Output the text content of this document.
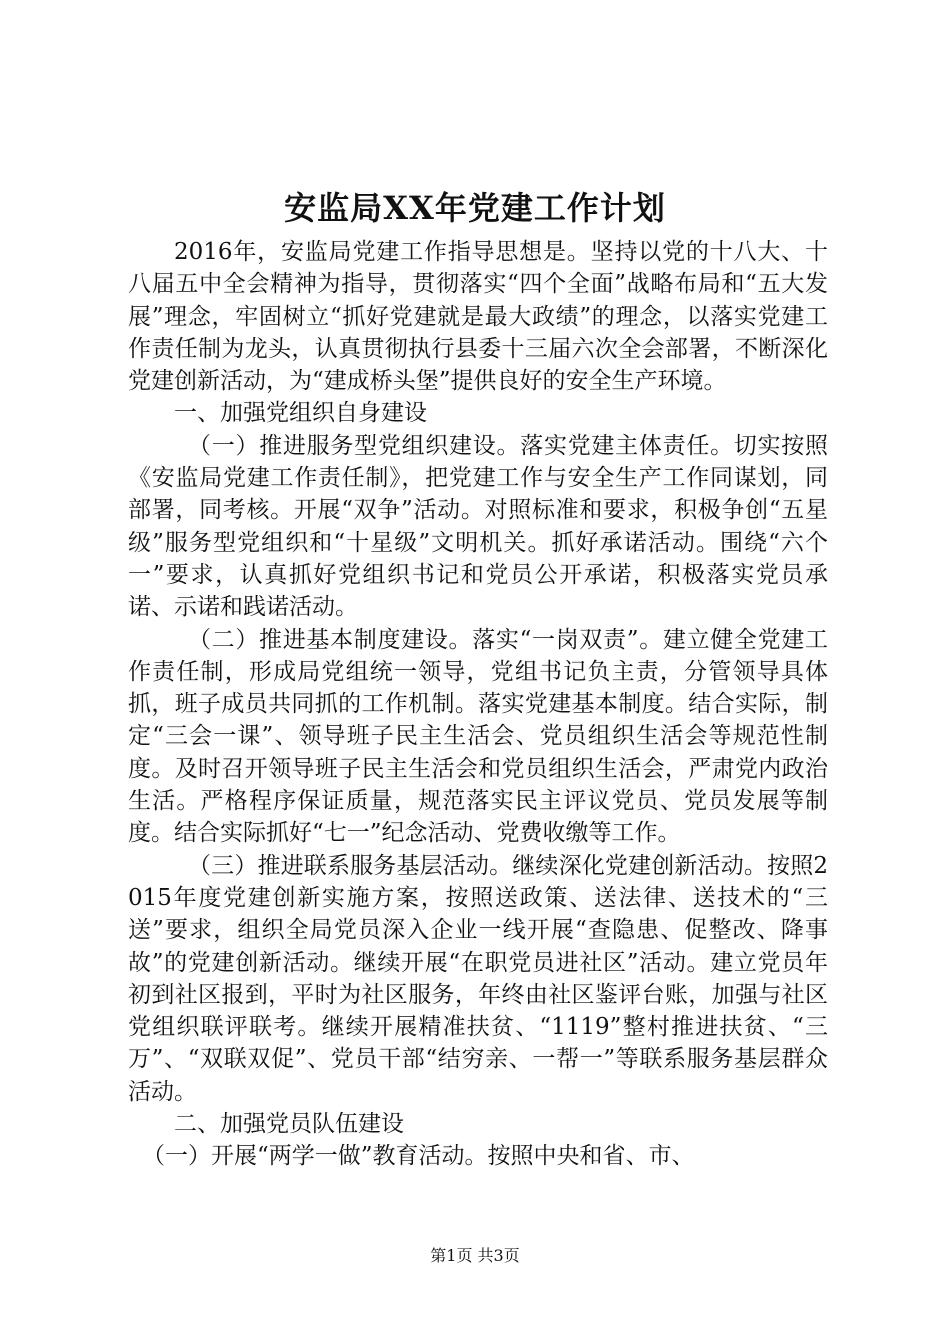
安监局XX年党建工作计划

2016年，安监局党建工作指导思想是。坚持以党的十八大、十八届五中全会精神为指导，贯彻落实“四个全面”战略布局和“五大发展”理念，牢固树立“抓好党建就是最大政绩”的理念，以落实党建工作责任制为龙头，认真贯彻执行县委十三届六次全会部署，不断深化党建创新活动，为“建成桥头堡”提供良好的安全生产环境。

一、加强党组织自身建设

（一）推进服务型党组织建设。落实党建主体责任。切实按照《安监局党建工作责任制》，把党建工作与安全生产工作同谋划，同部署，同考核。开展“双争”活动。对照标准和要求，积极争创“五星级”服务型党组织和“十星级”文明机关。抓好承诺活动。围绕“六个一”要求，认真抓好党组织书记和党员公开承诺，积极落实党员承诺、示诺和践诺活动。

（二）推进基本制度建设。落实“一岗双责”。建立健全党建工作责任制，形成局党组统一领导，党组书记负主责，分管领导具体抓，班子成员共同抓的工作机制。落实党建基本制度。结合实际，制定“三会一课”、领导班子民主生活会、党员组织生活会等规范性制度。及时召开领导班子民主生活会和党员组织生活会，严肃党内政治生活。严格程序保证质量，规范落实民主评议党员、党员发展等制度。结合实际抓好“七一”纪念活动、党费收缴等工作。

（三）推进联系服务基层活动。继续深化党建创新活动。按照2015年度党建创新实施方案，按照送政策、送法律、送技术的“三送”要求，组织全局党员深入企业一线开展“查隐患、促整改、降事故”的党建创新活动。继续开展“在职党员进社区”活动。建立党员年初到社区报到，平时为社区服务，年终由社区鉴评台账，加强与社区党组织联评联考。继续开展精准扶贫、“1119”整村推进扶贫、“三万”、“双联双促”、党员干部“结穷亲、一帮一”等联系服务基层群众活动。

二、加强党员队伍建设

（一）开展“两学一做”教育活动。按照中央和省、市、

第1页 共3页
